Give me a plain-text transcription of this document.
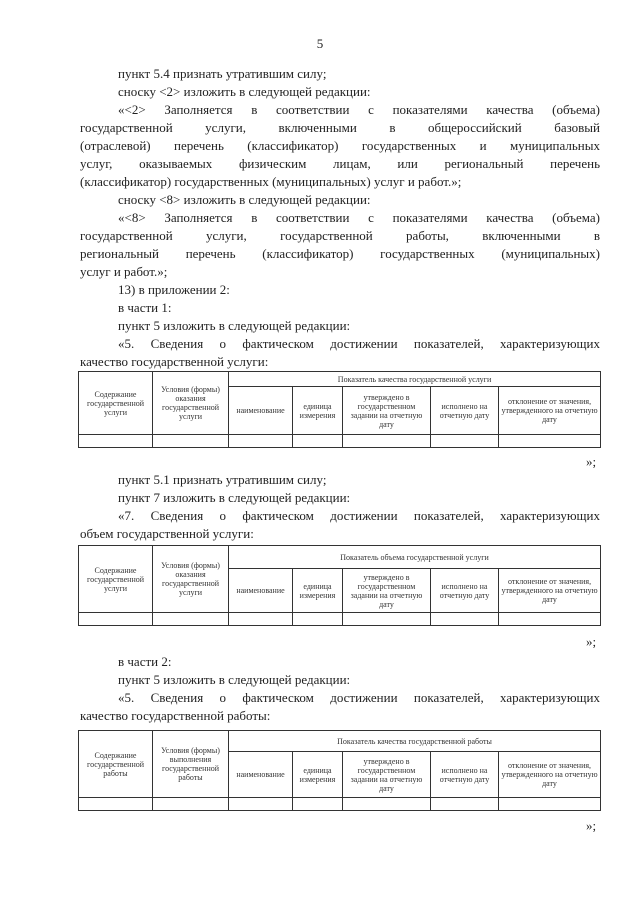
5
пункт 5.4 признать утратившим силу;
сноску <2> изложить в следующей редакции:
«<2> Заполняется в соответствии с показателями качества (объема)
государственной услуги, включенными в общероссийский базовый
(отраслевой) перечень (классификатор) государственных и муниципальных
услуг, оказываемых физическим лицам, или региональный перечень
(классификатор) государственных (муниципальных) услуг и работ.»;
сноску <8> изложить в следующей редакции:
«<8> Заполняется в соответствии с показателями качества (объема)
государственной услуги, государственной работы, включенными в
региональный перечень (классификатор) государственных (муниципальных)
услуг и работ.»;
13) в приложении 2:
в части 1:
пункт 5 изложить в следующей редакции:
«5. Сведения о фактическом достижении показателей, характеризующих
качество государственной услуги:
Содержание государственной услуги	Условия (формы) оказания государственной услуги	Показатель качества государственной услуги				
		наименование	единица измерения	утверждено в государственном задании на отчетную дату	исполнено на отчетную дату	отклонение от значения, утвержденного на отчетную дату

»;
пункт 5.1 признать утратившим силу;
пункт 7 изложить в следующей редакции:
«7. Сведения о фактическом достижении показателей, характеризующих
объем государственной услуги:
Содержание государственной услуги	Условия (формы) оказания государственной услуги	Показатель объема государственной услуги				
		наименование	единица измерения	утверждено в государственном задании на отчетную дату	исполнено на отчетную дату	отклонение от значения, утвержденного на отчетную дату

»;
в части 2:
пункт 5 изложить в следующей редакции:
«5. Сведения о фактическом достижении показателей, характеризующих
качество государственной работы:
Содержание государственной работы	Условия (формы) выполнения государственной работы	Показатель качества государственной работы				
		наименование	единица измерения	утверждено в государственном задании на отчетную дату	исполнено на отчетную дату	отклонение от значения, утвержденного на отчетную дату

»;
